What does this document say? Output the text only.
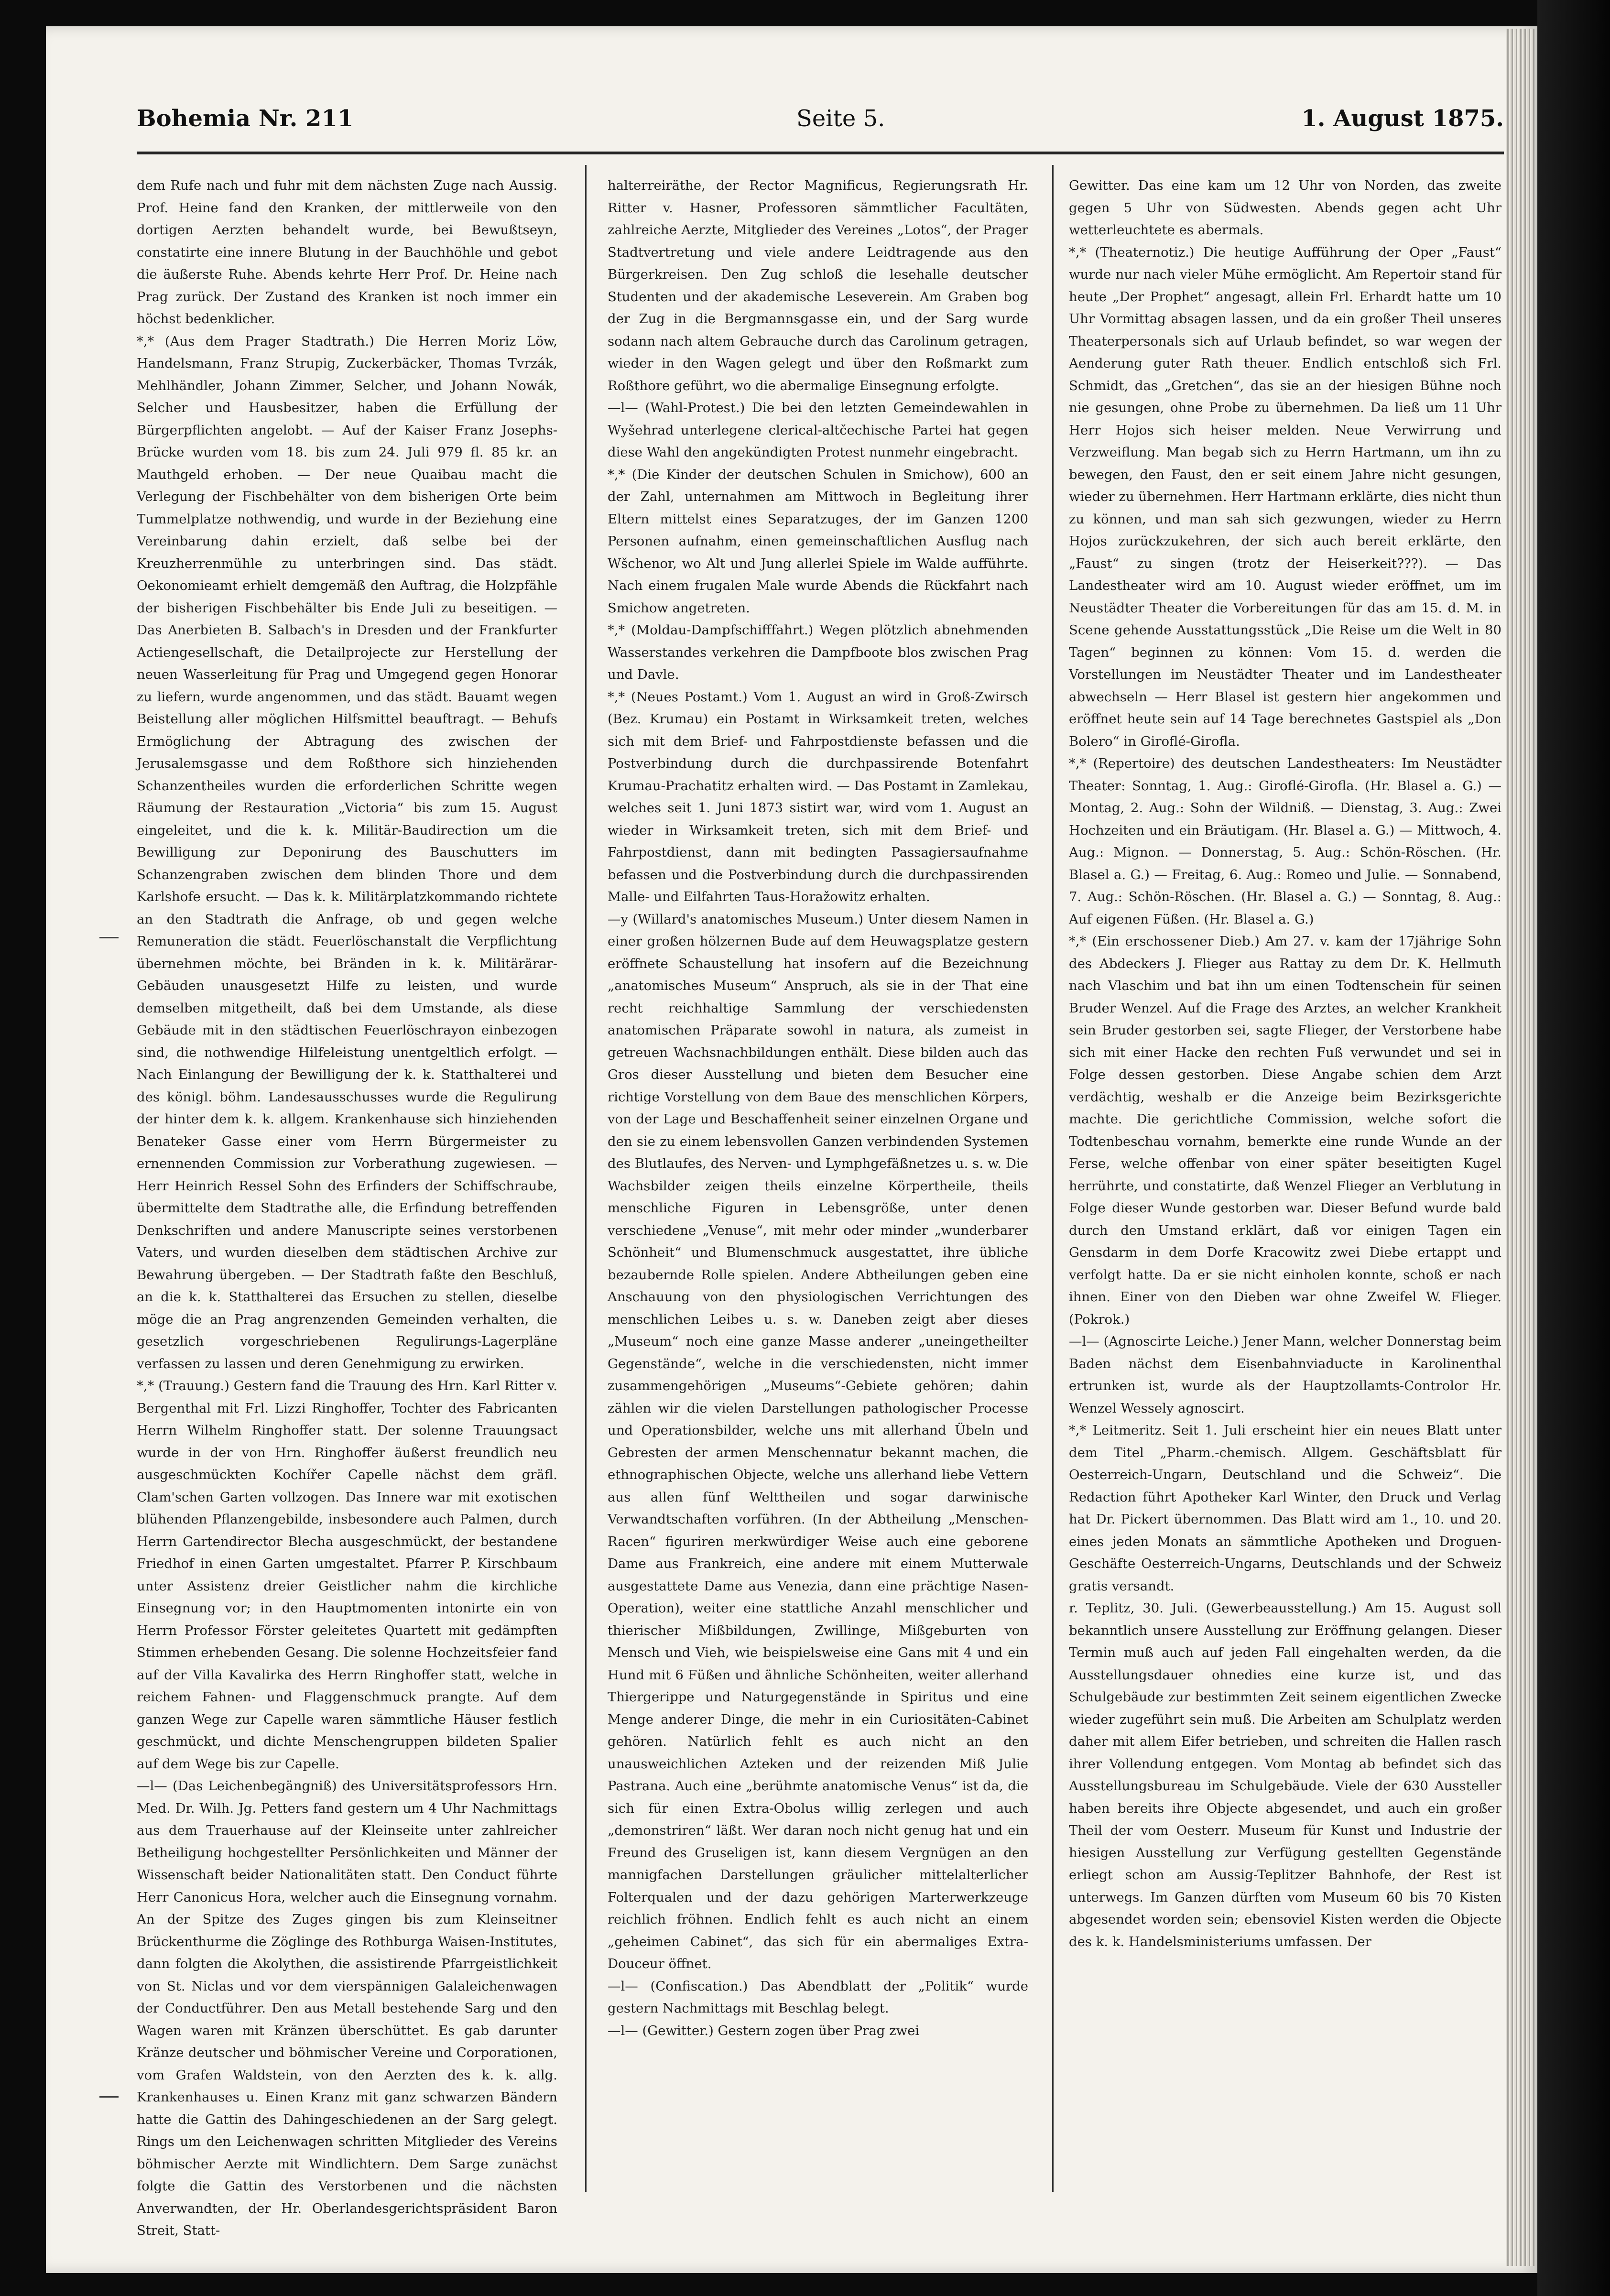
Bohemia Nr. 211	Seite 5.	1. August 1875.

dem Rufe nach und fuhr mit dem nächsten Zuge nach Aussig. Prof. Heine fand den Kranken, der mittlerweile von den dortigen Aerzten behandelt wurde, bei Bewußtseyn, constatirte eine innere Blutung in der Bauchhöhle und gebot die äußerste Ruhe. Abends kehrte Herr Prof. Dr. Heine nach Prag zurück. Der Zustand des Kranken ist noch immer ein höchst bedenklicher.

*,* (Aus dem Prager Stadtrath.) Die Herren Moriz Löw, Handelsmann, Franz Strupig, Zuckerbäcker, Thomas Tvrzák, Mehlhändler, Johann Zimmer, Selcher, und Johann Nowák, Selcher und Hausbesitzer, haben die Erfüllung der Bürgerpflichten angelobt. — Auf der Kaiser Franz Josephs-Brücke wurden vom 18. bis zum 24. Juli 979 fl. 85 kr. an Mauthgeld erhoben. — Der neue Quaibau macht die Verlegung der Fischbehälter von dem bisherigen Orte beim Tummelplatze nothwendig, und wurde in der Beziehung eine Vereinbarung dahin erzielt, daß selbe bei der Kreuzherrenmühle zu unterbringen sind. Das städt. Oekonomieamt erhielt demgemäß den Auftrag, die Holzpfähle der bisherigen Fischbehälter bis Ende Juli zu beseitigen. — Das Anerbieten B. Salbach's in Dresden und der Frankfurter Actiengesellschaft, die Detailprojecte zur Herstellung der neuen Wasserleitung für Prag und Umgegend gegen Honorar zu liefern, wurde angenommen, und das städt. Bauamt wegen Beistellung aller möglichen Hilfsmittel beauftragt. — Behufs Ermöglichung der Abtragung des zwischen der Jerusalemsgasse und dem Roßthore sich hinziehenden Schanzentheiles wurden die erforderlichen Schritte wegen Räumung der Restauration „Victoria“ bis zum 15. August eingeleitet, und die k. k. Militär-Baudirection um die Bewilligung zur Deponirung des Bauschutters im Schanzengraben zwischen dem blinden Thore und dem Karlshofe ersucht. — Das k. k. Militärplatzkommando richtete an den Stadtrath die Anfrage, ob und gegen welche Remuneration die städt. Feuerlöschanstalt die Verpflichtung übernehmen möchte, bei Bränden in k. k. Militärärar-Gebäuden unausgesetzt Hilfe zu leisten, und wurde demselben mitgetheilt, daß bei dem Umstande, als diese Gebäude mit in den städtischen Feuerlöschrayon einbezogen sind, die nothwendige Hilfeleistung unentgeltlich erfolgt. — Nach Einlangung der Bewilligung der k. k. Statthalterei und des königl. böhm. Landesausschusses wurde die Regulirung der hinter dem k. k. allgem. Krankenhause sich hinziehenden Benateker Gasse einer vom Herrn Bürgermeister zu ernennenden Commission zur Vorberathung zugewiesen. — Herr Heinrich Ressel Sohn des Erfinders der Schiffschraube, übermittelte dem Stadtrathe alle, die Erfindung betreffenden Denkschriften und andere Manuscripte seines verstorbenen Vaters, und wurden dieselben dem städtischen Archive zur Bewahrung übergeben. — Der Stadtrath faßte den Beschluß, an die k. k. Statthalterei das Ersuchen zu stellen, dieselbe möge die an Prag angrenzenden Gemeinden verhalten, die gesetzlich vorgeschriebenen Regulirungs-Lagerpläne verfassen zu lassen und deren Genehmigung zu erwirken.

*,* (Trauung.) Gestern fand die Trauung des Hrn. Karl Ritter v. Bergenthal mit Frl. Lizzi Ringhoffer, Tochter des Fabricanten Herrn Wilhelm Ringhoffer statt. Der solenne Trauungsact wurde in der von Hrn. Ringhoffer äußerst freundlich neu ausgeschmückten Kochířer Capelle nächst dem gräfl. Clam'schen Garten vollzogen. Das Innere war mit exotischen blühenden Pflanzengebilde, insbesondere auch Palmen, durch Herrn Gartendirector Blecha ausgeschmückt, der bestandene Friedhof in einen Garten umgestaltet. Pfarrer P. Kirschbaum unter Assistenz dreier Geistlicher nahm die kirchliche Einsegnung vor; in den Hauptmomenten intonirte ein von Herrn Professor Förster geleitetes Quartett mit gedämpften Stimmen erhebenden Gesang. Die solenne Hochzeitsfeier fand auf der Villa Kavalirka des Herrn Ringhoffer statt, welche in reichem Fahnen- und Flaggenschmuck prangte. Auf dem ganzen Wege zur Capelle waren sämmtliche Häuser festlich geschmückt, und dichte Menschengruppen bildeten Spalier auf dem Wege bis zur Capelle.

—l— (Das Leichenbegängniß) des Universitätsprofessors Hrn. Med. Dr. Wilh. Jg. Petters fand gestern um 4 Uhr Nachmittags aus dem Trauerhause auf der Kleinseite unter zahlreicher Betheiligung hochgestellter Persönlichkeiten und Männer der Wissenschaft beider Nationalitäten statt. Den Conduct führte Herr Canonicus Hora, welcher auch die Einsegnung vornahm. An der Spitze des Zuges gingen bis zum Kleinseitner Brückenthurme die Zöglinge des Rothburga Waisen-Institutes, dann folgten die Akolythen, die assistirende Pfarrgeistlichkeit von St. Niclas und vor dem vierspännigen Galaleichenwagen der Conductführer. Den aus Metall bestehende Sarg und den Wagen waren mit Kränzen überschüttet. Es gab darunter Kränze deutscher und böhmischer Vereine und Corporationen, vom Grafen Waldstein, von den Aerzten des k. k. allg. Krankenhauses u. Einen Kranz mit ganz schwarzen Bändern hatte die Gattin des Dahingeschiedenen an der Sarg gelegt. Rings um den Leichenwagen schritten Mitglieder des Vereins böhmischer Aerzte mit Windlichtern. Dem Sarge zunächst folgte die Gattin des Verstorbenen und die nächsten Anverwandten, der Hr. Oberlandesgerichtspräsident Baron Streit, Statt-

halterreiräthe, der Rector Magnificus, Regierungsrath Hr. Ritter v. Hasner, Professoren sämmtlicher Facultäten, zahlreiche Aerzte, Mitglieder des Vereines „Lotos“, der Prager Stadtvertretung und viele andere Leidtragende aus den Bürgerkreisen. Den Zug schloß die lesehalle deutscher Studenten und der akademische Leseverein. Am Graben bog der Zug in die Bergmannsgasse ein, und der Sarg wurde sodann nach altem Gebrauche durch das Carolinum getragen, wieder in den Wagen gelegt und über den Roßmarkt zum Roßthore geführt, wo die abermalige Einsegnung erfolgte.

—l— (Wahl-Protest.) Die bei den letzten Gemeindewahlen in Wyšehrad unterlegene clerical-altčechische Partei hat gegen diese Wahl den angekündigten Protest nunmehr eingebracht.

*,* (Die Kinder der deutschen Schulen in Smichow), 600 an der Zahl, unternahmen am Mittwoch in Begleitung ihrer Eltern mittelst eines Separatzuges, der im Ganzen 1200 Personen aufnahm, einen gemeinschaftlichen Ausflug nach Wšchenor, wo Alt und Jung allerlei Spiele im Walde aufführte. Nach einem frugalen Male wurde Abends die Rückfahrt nach Smichow angetreten.

*,* (Moldau-Dampfschifffahrt.) Wegen plötzlich abnehmenden Wasserstandes verkehren die Dampfboote blos zwischen Prag und Davle.

*,* (Neues Postamt.) Vom 1. August an wird in Groß-Zwirsch (Bez. Krumau) ein Postamt in Wirksamkeit treten, welches sich mit dem Brief- und Fahrpostdienste befassen und die Postverbindung durch die durchpassirende Botenfahrt Krumau-Prachatitz erhalten wird. — Das Postamt in Zamlekau, welches seit 1. Juni 1873 sistirt war, wird vom 1. August an wieder in Wirksamkeit treten, sich mit dem Brief- und Fahrpostdienst, dann mit bedingten Passagiersaufnahme befassen und die Postverbindung durch die durchpassirenden Malle- und Eilfahrten Taus-Horažowitz erhalten.

—y (Willard's anatomisches Museum.) Unter diesem Namen in einer großen hölzernen Bude auf dem Heuwagsplatze gestern eröffnete Schaustellung hat insofern auf die Bezeichnung „anatomisches Museum“ Anspruch, als sie in der That eine recht reichhaltige Sammlung der verschiedensten anatomischen Präparate sowohl in natura, als zumeist in getreuen Wachsnachbildungen enthält. Diese bilden auch das Gros dieser Ausstellung und bieten dem Besucher eine richtige Vorstellung von dem Baue des menschlichen Körpers, von der Lage und Beschaffenheit seiner einzelnen Organe und den sie zu einem lebensvollen Ganzen verbindenden Systemen des Blutlaufes, des Nerven- und Lymphgefäßnetzes u. s. w. Die Wachsbilder zeigen theils einzelne Körpertheile, theils menschliche Figuren in Lebensgröße, unter denen verschiedene „Venuse“, mit mehr oder minder „wunderbarer Schönheit“ und Blumenschmuck ausgestattet, ihre übliche bezaubernde Rolle spielen. Andere Abtheilungen geben eine Anschauung von den physiologischen Verrichtungen des menschlichen Leibes u. s. w. Daneben zeigt aber dieses „Museum“ noch eine ganze Masse anderer „uneingetheilter Gegenstände“, welche in die verschiedensten, nicht immer zusammengehörigen „Museums“-Gebiete gehören; dahin zählen wir die vielen Darstellungen pathologischer Processe und Operationsbilder, welche uns mit allerhand Übeln und Gebresten der armen Menschennatur bekannt machen, die ethnographischen Objecte, welche uns allerhand liebe Vettern aus allen fünf Welttheilen und sogar darwinische Verwandtschaften vorführen. (In der Abtheilung „Menschen-Racen“ figuriren merkwürdiger Weise auch eine geborene Dame aus Frankreich, eine andere mit einem Mutterwale ausgestattete Dame aus Venezia, dann eine prächtige Nasen-Operation), weiter eine stattliche Anzahl menschlicher und thierischer Mißbildungen, Zwillinge, Mißgeburten von Mensch und Vieh, wie beispielsweise eine Gans mit 4 und ein Hund mit 6 Füßen und ähnliche Schönheiten, weiter allerhand Thiergerippe und Naturgegenstände in Spiritus und eine Menge anderer Dinge, die mehr in ein Curiositäten-Cabinet gehören. Natürlich fehlt es auch nicht an den unausweichlichen Azteken und der reizenden Miß Julie Pastrana. Auch eine „berühmte anatomische Venus“ ist da, die sich für einen Extra-Obolus willig zerlegen und auch „demonstriren“ läßt. Wer daran noch nicht genug hat und ein Freund des Gruseligen ist, kann diesem Vergnügen an den mannigfachen Darstellungen gräulicher mittelalterlicher Folterqualen und der dazu gehörigen Marterwerkzeuge reichlich fröhnen. Endlich fehlt es auch nicht an einem „geheimen Cabinet“, das sich für ein abermaliges Extra-Douceur öffnet.

—l— (Confiscation.) Das Abendblatt der „Politik“ wurde gestern Nachmittags mit Beschlag belegt.

—l— (Gewitter.) Gestern zogen über Prag zwei

Gewitter. Das eine kam um 12 Uhr von Norden, das zweite gegen 5 Uhr von Südwesten. Abends gegen acht Uhr wetterleuchtete es abermals.

*,* (Theaternotiz.) Die heutige Aufführung der Oper „Faust“ wurde nur nach vieler Mühe ermöglicht. Am Repertoir stand für heute „Der Prophet“ angesagt, allein Frl. Erhardt hatte um 10 Uhr Vormittag absagen lassen, und da ein großer Theil unseres Theaterpersonals sich auf Urlaub befindet, so war wegen der Aenderung guter Rath theuer. Endlich entschloß sich Frl. Schmidt, das „Gretchen“, das sie an der hiesigen Bühne noch nie gesungen, ohne Probe zu übernehmen. Da ließ um 11 Uhr Herr Hojos sich heiser melden. Neue Verwirrung und Verzweiflung. Man begab sich zu Herrn Hartmann, um ihn zu bewegen, den Faust, den er seit einem Jahre nicht gesungen, wieder zu übernehmen. Herr Hartmann erklärte, dies nicht thun zu können, und man sah sich gezwungen, wieder zu Herrn Hojos zurückzukehren, der sich auch bereit erklärte, den „Faust“ zu singen (trotz der Heiserkeit???). — Das Landestheater wird am 10. August wieder eröffnet, um im Neustädter Theater die Vorbereitungen für das am 15. d. M. in Scene gehende Ausstattungsstück „Die Reise um die Welt in 80 Tagen“ beginnen zu können: Vom 15. d. werden die Vorstellungen im Neustädter Theater und im Landestheater abwechseln — Herr Blasel ist gestern hier angekommen und eröffnet heute sein auf 14 Tage berechnetes Gastspiel als „Don Bolero“ in Giroflé-Girofla.

*,* (Repertoire) des deutschen Landestheaters: Im Neustädter Theater: Sonntag, 1. Aug.: Giroflé-Girofla. (Hr. Blasel a. G.) — Montag, 2. Aug.: Sohn der Wildniß. — Dienstag, 3. Aug.: Zwei Hochzeiten und ein Bräutigam. (Hr. Blasel a. G.) — Mittwoch, 4. Aug.: Mignon. — Donnerstag, 5. Aug.: Schön-Röschen. (Hr. Blasel a. G.) — Freitag, 6. Aug.: Romeo und Julie. — Sonnabend, 7. Aug.: Schön-Röschen. (Hr. Blasel a. G.) — Sonntag, 8. Aug.: Auf eigenen Füßen. (Hr. Blasel a. G.)

*,* (Ein erschossener Dieb.) Am 27. v. kam der 17jährige Sohn des Abdeckers J. Flieger aus Rattay zu dem Dr. K. Hellmuth nach Vlaschim und bat ihn um einen Todtenschein für seinen Bruder Wenzel. Auf die Frage des Arztes, an welcher Krankheit sein Bruder gestorben sei, sagte Flieger, der Verstorbene habe sich mit einer Hacke den rechten Fuß verwundet und sei in Folge dessen gestorben. Diese Angabe schien dem Arzt verdächtig, weshalb er die Anzeige beim Bezirksgerichte machte. Die gerichtliche Commission, welche sofort die Todtenbeschau vornahm, bemerkte eine runde Wunde an der Ferse, welche offenbar von einer später beseitigten Kugel herrührte, und constatirte, daß Wenzel Flieger an Verblutung in Folge dieser Wunde gestorben war. Dieser Befund wurde bald durch den Umstand erklärt, daß vor einigen Tagen ein Gensdarm in dem Dorfe Kracowitz zwei Diebe ertappt und verfolgt hatte. Da er sie nicht einholen konnte, schoß er nach ihnen. Einer von den Dieben war ohne Zweifel W. Flieger. (Pokrok.)

—l— (Agnoscirte Leiche.) Jener Mann, welcher Donnerstag beim Baden nächst dem Eisenbahnviaducte in Karolinenthal ertrunken ist, wurde als der Hauptzollamts-Controlor Hr. Wenzel Wessely agnoscirt.

*,* Leitmeritz. Seit 1. Juli erscheint hier ein neues Blatt unter dem Titel „Pharm.-chemisch. Allgem. Geschäftsblatt für Oesterreich-Ungarn, Deutschland und die Schweiz“. Die Redaction führt Apotheker Karl Winter, den Druck und Verlag hat Dr. Pickert übernommen. Das Blatt wird am 1., 10. und 20. eines jeden Monats an sämmtliche Apotheken und Droguen-Geschäfte Oesterreich-Ungarns, Deutschlands und der Schweiz gratis versandt.

r. Teplitz, 30. Juli. (Gewerbeausstellung.) Am 15. August soll bekanntlich unsere Ausstellung zur Eröffnung gelangen. Dieser Termin muß auch auf jeden Fall eingehalten werden, da die Ausstellungsdauer ohnedies eine kurze ist, und das Schulgebäude zur bestimmten Zeit seinem eigentlichen Zwecke wieder zugeführt sein muß. Die Arbeiten am Schulplatz werden daher mit allem Eifer betrieben, und schreiten die Hallen rasch ihrer Vollendung entgegen. Vom Montag ab befindet sich das Ausstellungsbureau im Schulgebäude. Viele der 630 Aussteller haben bereits ihre Objecte abgesendet, und auch ein großer Theil der vom Oesterr. Museum für Kunst und Industrie der hiesigen Ausstellung zur Verfügung gestellten Gegenstände erliegt schon am Aussig-Teplitzer Bahnhofe, der Rest ist unterwegs. Im Ganzen dürften vom Museum 60 bis 70 Kisten abgesendet worden sein; ebensoviel Kisten werden die Objecte des k. k. Handelsministeriums umfassen. Der
